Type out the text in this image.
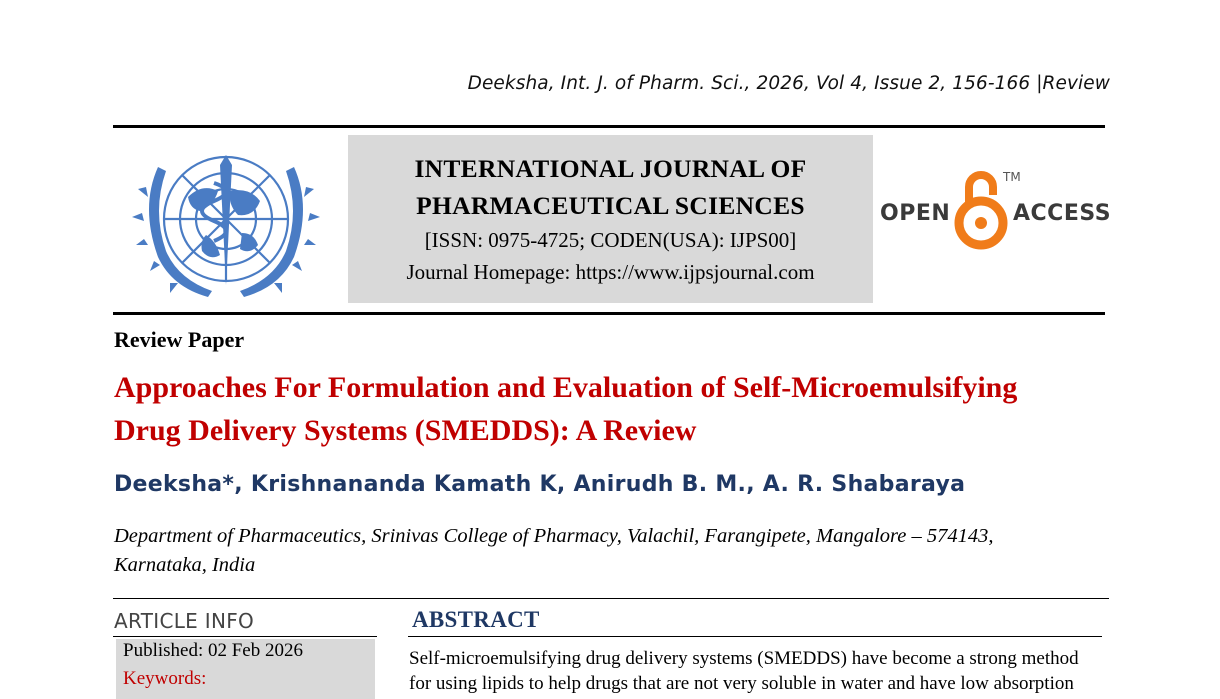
Deeksha, Int. J. of Pharm. Sci., 2026, Vol 4, Issue 2, 156-166 |Review
INTERNATIONAL JOURNAL OF
PHARMACEUTICAL SCIENCES
[ISSN: 0975-4725; CODEN(USA): IJPS00]
Journal Homepage: https://www.ijpsjournal.com
OPEN
TM
ACCESS
Review Paper
Approaches For Formulation and Evaluation of Self-Microemulsifying
Drug Delivery Systems (SMEDDS): A Review
Deeksha*, Krishnananda Kamath K, Anirudh B. M., A. R. Shabaraya
Department of Pharmaceutics, Srinivas College of Pharmacy, Valachil, Farangipete, Mangalore – 574143,
Karnataka, India
ARTICLE INFO
Published: 02 Feb 2026
Keywords:
ABSTRACT
Self-microemulsifying drug delivery systems (SMEDDS) have become a strong method
for using lipids to help drugs that are not very soluble in water and have low absorption
